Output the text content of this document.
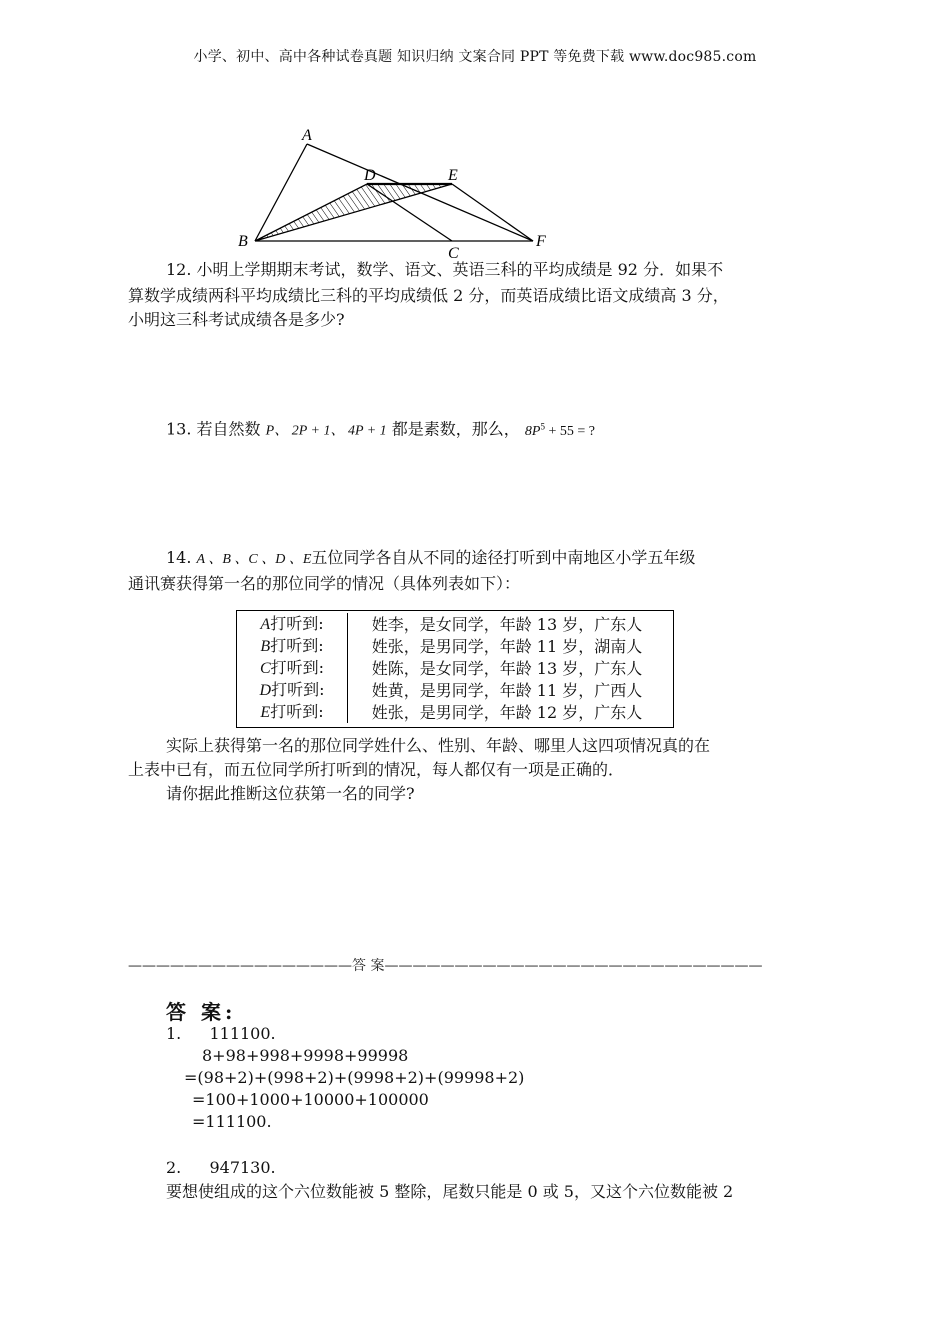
小学、初中、高中各种试卷真题 知识归纳 文案合同 PPT 等免费下载 www.doc985.com
A
B
C
D	E
F
12. 小明上学期期末考试，数学、语文、英语三科的平均成绩是 92 分．如果不
算数学成绩两科平均成绩比三科的平均成绩低 2 分，而英语成绩比语文成绩高 3 分，
小明这三科考试成绩各是多少?
13. 若自然数 P、 2P + 1、 4P + 1 都是素数，那么， $8P^5 + 55$ = ?
14. A 、B 、C 、D 、E五位同学各自从不同的途径打听到中南地区小学五年级
通讯赛获得第一名的那位同学的情况（具体列表如下）：
A打听到:	姓李，是女同学，年龄 13 岁，广东人
B打听到:	姓张，是男同学，年龄 11 岁，湖南人
C打听到:	姓陈，是女同学，年龄 13 岁，广东人
D打听到:	姓黄，是男同学，年龄 11 岁，广西人
E打听到:	姓张，是男同学，年龄 12 岁，广东人
实际上获得第一名的那位同学姓什么、性别、年龄、哪里人这四项情况真的在
上表中已有，而五位同学所打听到的情况，每人都仅有一项是正确的．
请你据此推断这位获第一名的同学?
————————————————答 案———————————————————————————
答 案:
1. 111100.
8+98+998+9998+99998
=(98+2)+(998+2)+(9998+2)+(99998+2)
=100+1000+10000+100000
=111100.
2. 947130.
要想使组成的这个六位数能被 5 整除，尾数只能是 0 或 5，又这个六位数能被 2
